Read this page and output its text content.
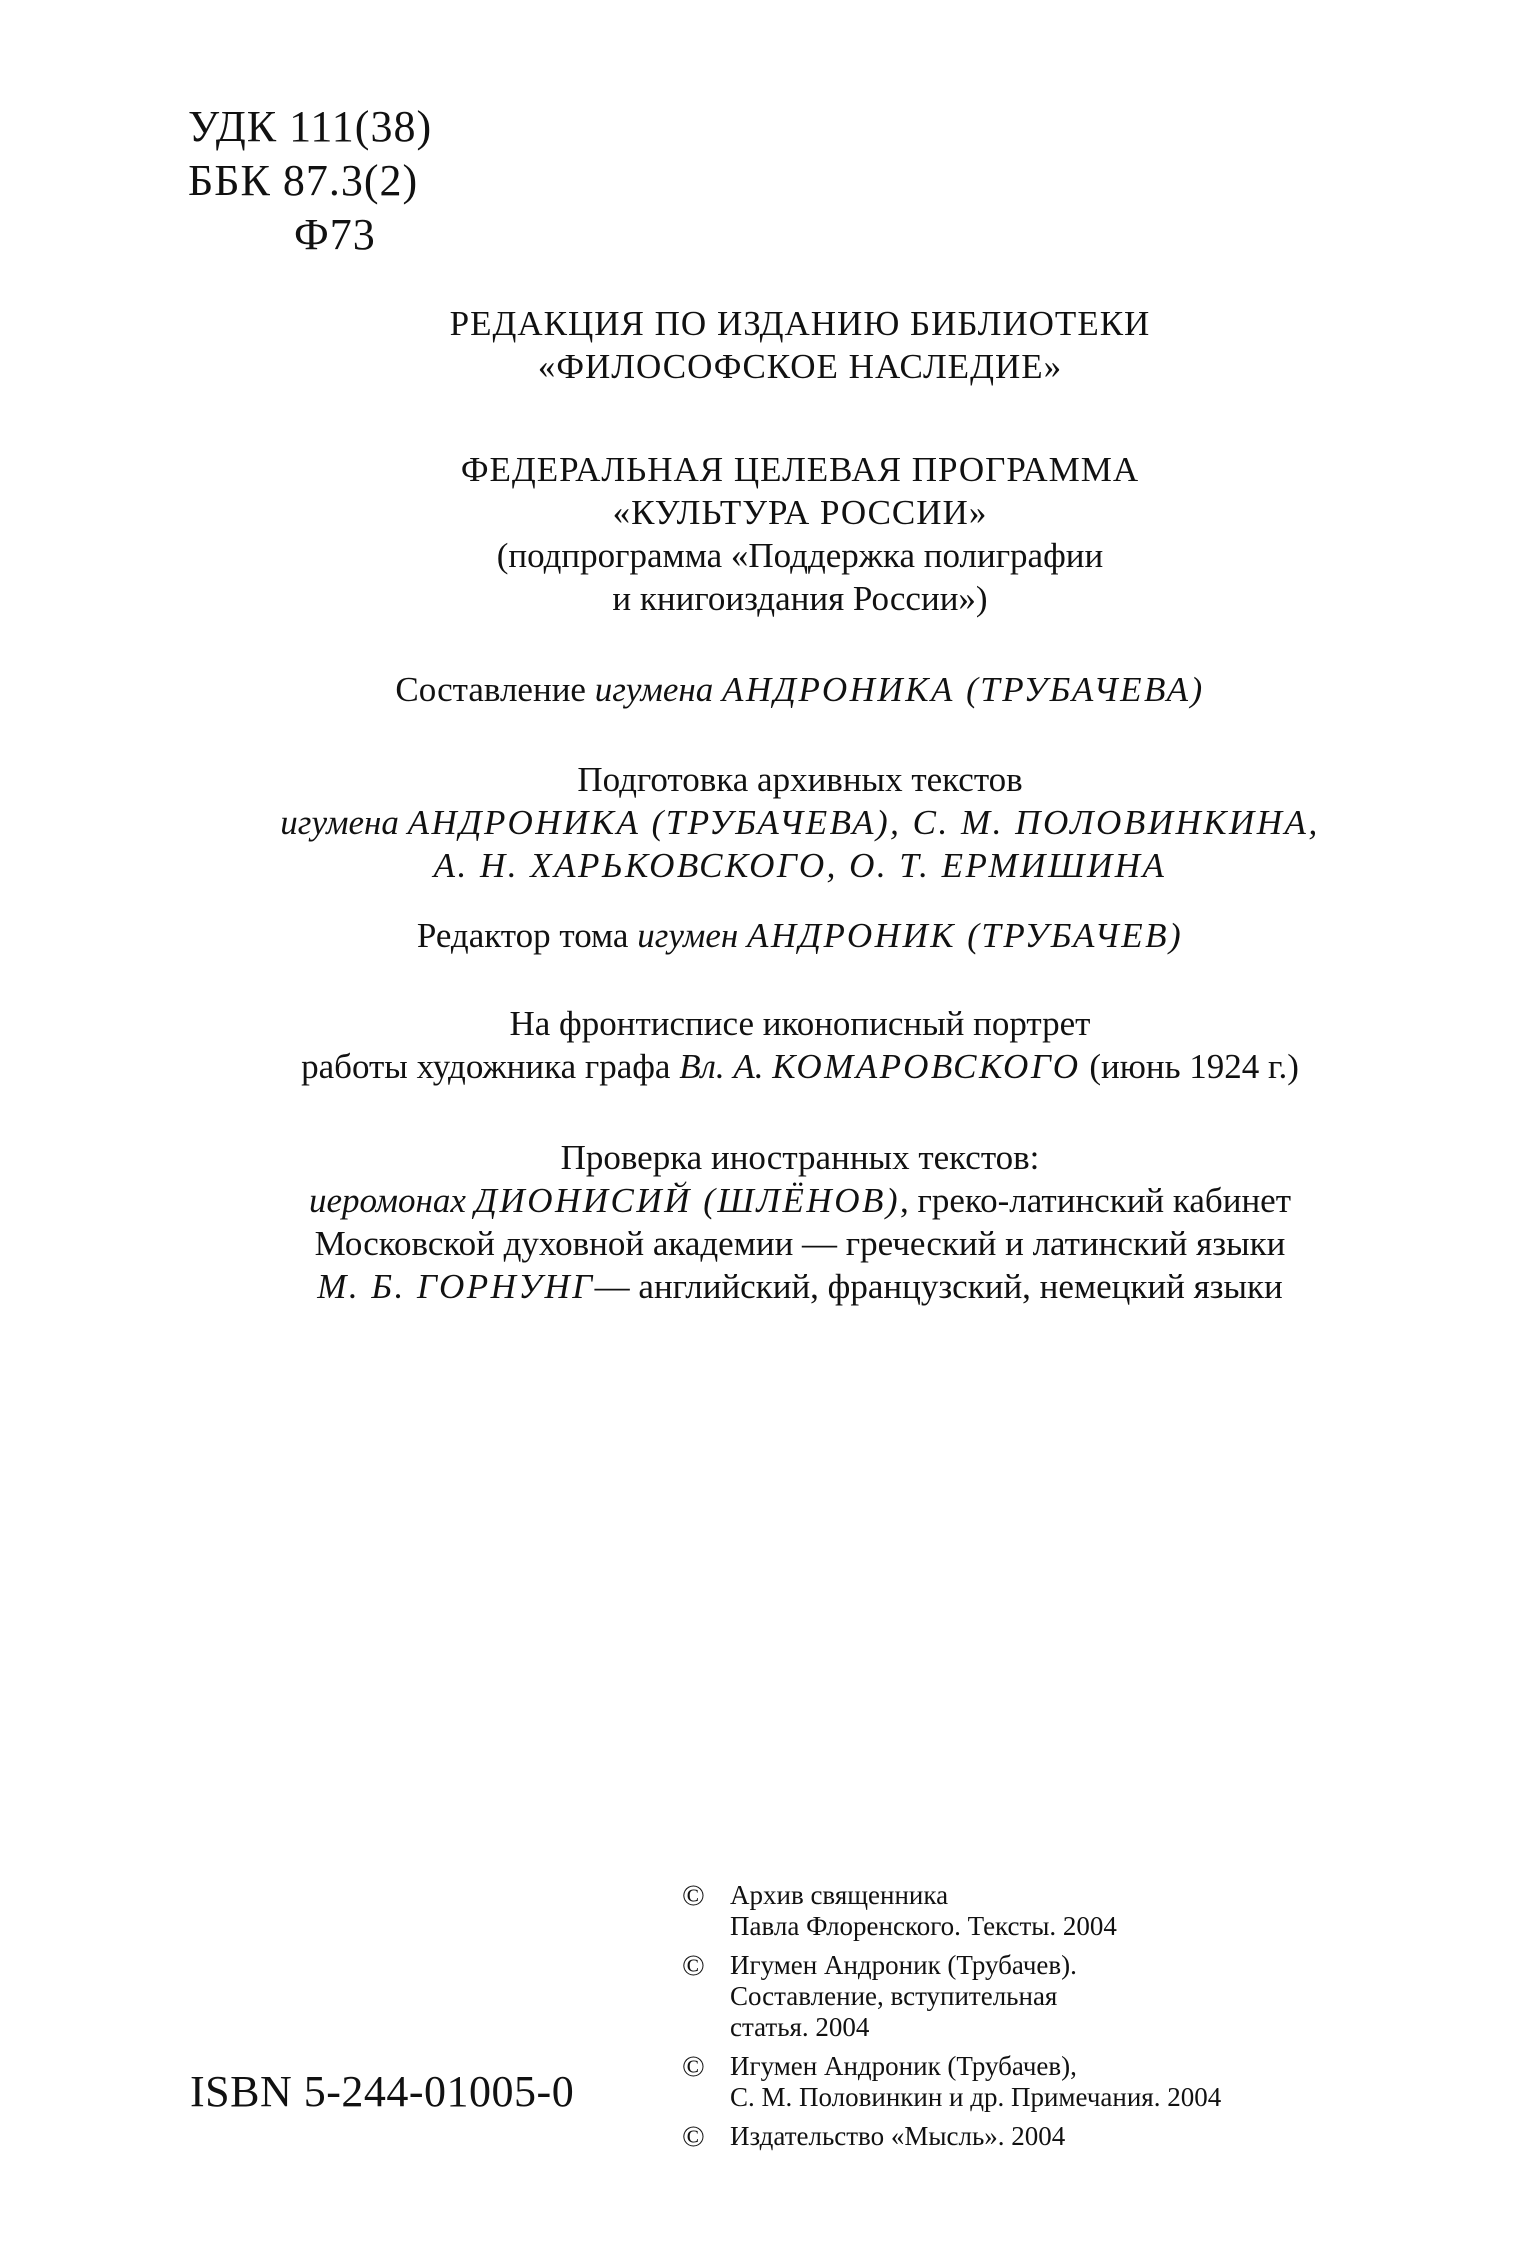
УДК 111(38)
ББК 87.3(2)
Ф73
РЕДАКЦИЯ ПО ИЗДАНИЮ БИБЛИОТЕКИ
«ФИЛОСОФСКОЕ НАСЛЕДИЕ»
ФЕДЕРАЛЬНАЯ ЦЕЛЕВАЯ ПРОГРАММА
«КУЛЬТУРА РОССИИ»
(подпрограмма «Поддержка полиграфии
и книгоиздания России»)
Составление игумена АНДРОНИКА (ТРУБАЧЕВА)
Подготовка архивных текстов
игумена АНДРОНИКА (ТРУБАЧЕВА), С. М. ПОЛОВИНКИНА,
А. Н. ХАРЬКОВСКОГО, О. Т. ЕРМИШИНА
Редактор тома игумен АНДРОНИК (ТРУБАЧЕВ)
На фронтисписе иконописный портрет
работы художника графа Вл. А. КОМАРОВСКОГО (июнь 1924 г.)
Проверка иностранных текстов:
иеромонах ДИОНИСИЙ (ШЛЁНОВ), греко-латинский кабинет
Московской духовной академии — греческий и латинский языки
М. Б. ГОРНУНГ— английский, французский, немецкий языки
© Архив священника
Павла Флоренского. Тексты. 2004
© Игумен Андроник (Трубачев).
Составление, вступительная
статья. 2004
© Игумен Андроник (Трубачев),
С. М. Половинкин и др. Примечания. 2004
© Издательство «Мысль». 2004
ISBN 5-244-01005-0
